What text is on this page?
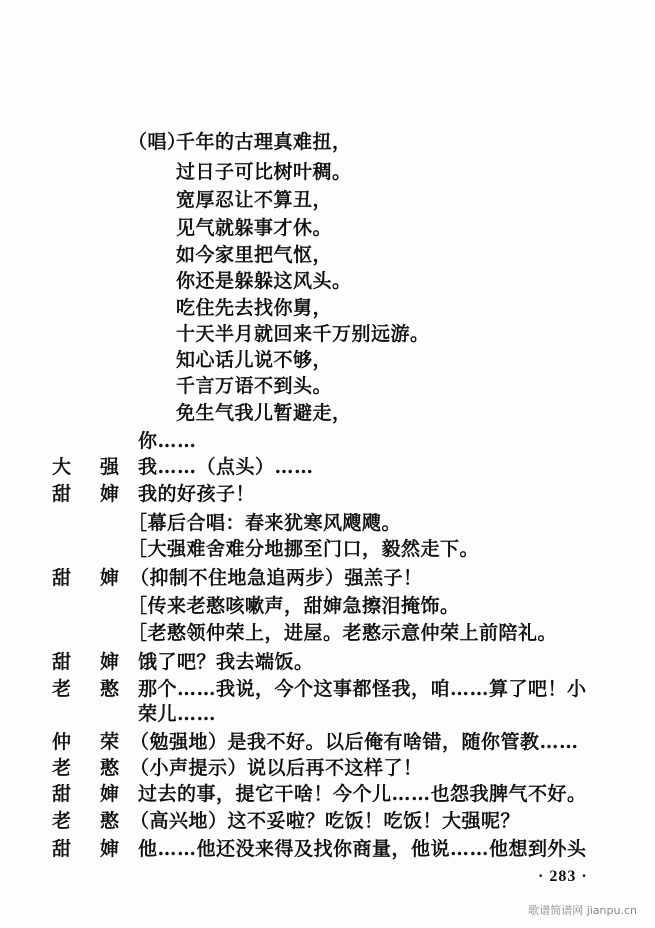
（唱）
千年的古理真难扭，
过日子可比树叶稠。
宽厚忍让不算丑，
见气就躲事才休。
如今家里把气怄，
你还是躲躲这风头。
吃住先去找你舅，
十天半月就回来千万别远游。
知心话儿说不够，
千言万语不到头。
免生气我儿暂避走，
你……
大 强 我……（点头）……
甜 婶 我的好孩子！
［幕后合唱：春来犹寒风飕飕。
［大强难舍难分地挪至门口，毅然走下。
甜 婶 （抑制不住地急追两步）强羔子！
［传来老憨咳嗽声，甜婶急擦泪掩饰。
［老憨领仲荣上，进屋。老憨示意仲荣上前陪礼。
甜 婶 饿了吧？我去端饭。
老 憨 那个……我说，今个这事都怪我，咱……算了吧！小
荣儿……
仲 荣 （勉强地）是我不好。以后俺有啥错，随你管教……
老 憨 （小声提示）说以后再不这样了！
甜 婶 过去的事，提它干啥！今个儿……也怨我脾气不好。
老 憨 （高兴地）这不妥啦？吃饭！吃饭！大强呢？
甜 婶 他……他还没来得及找你商量，他说……他想到外头
· 283 ·
歌谱简谱网 jianpu.cn
